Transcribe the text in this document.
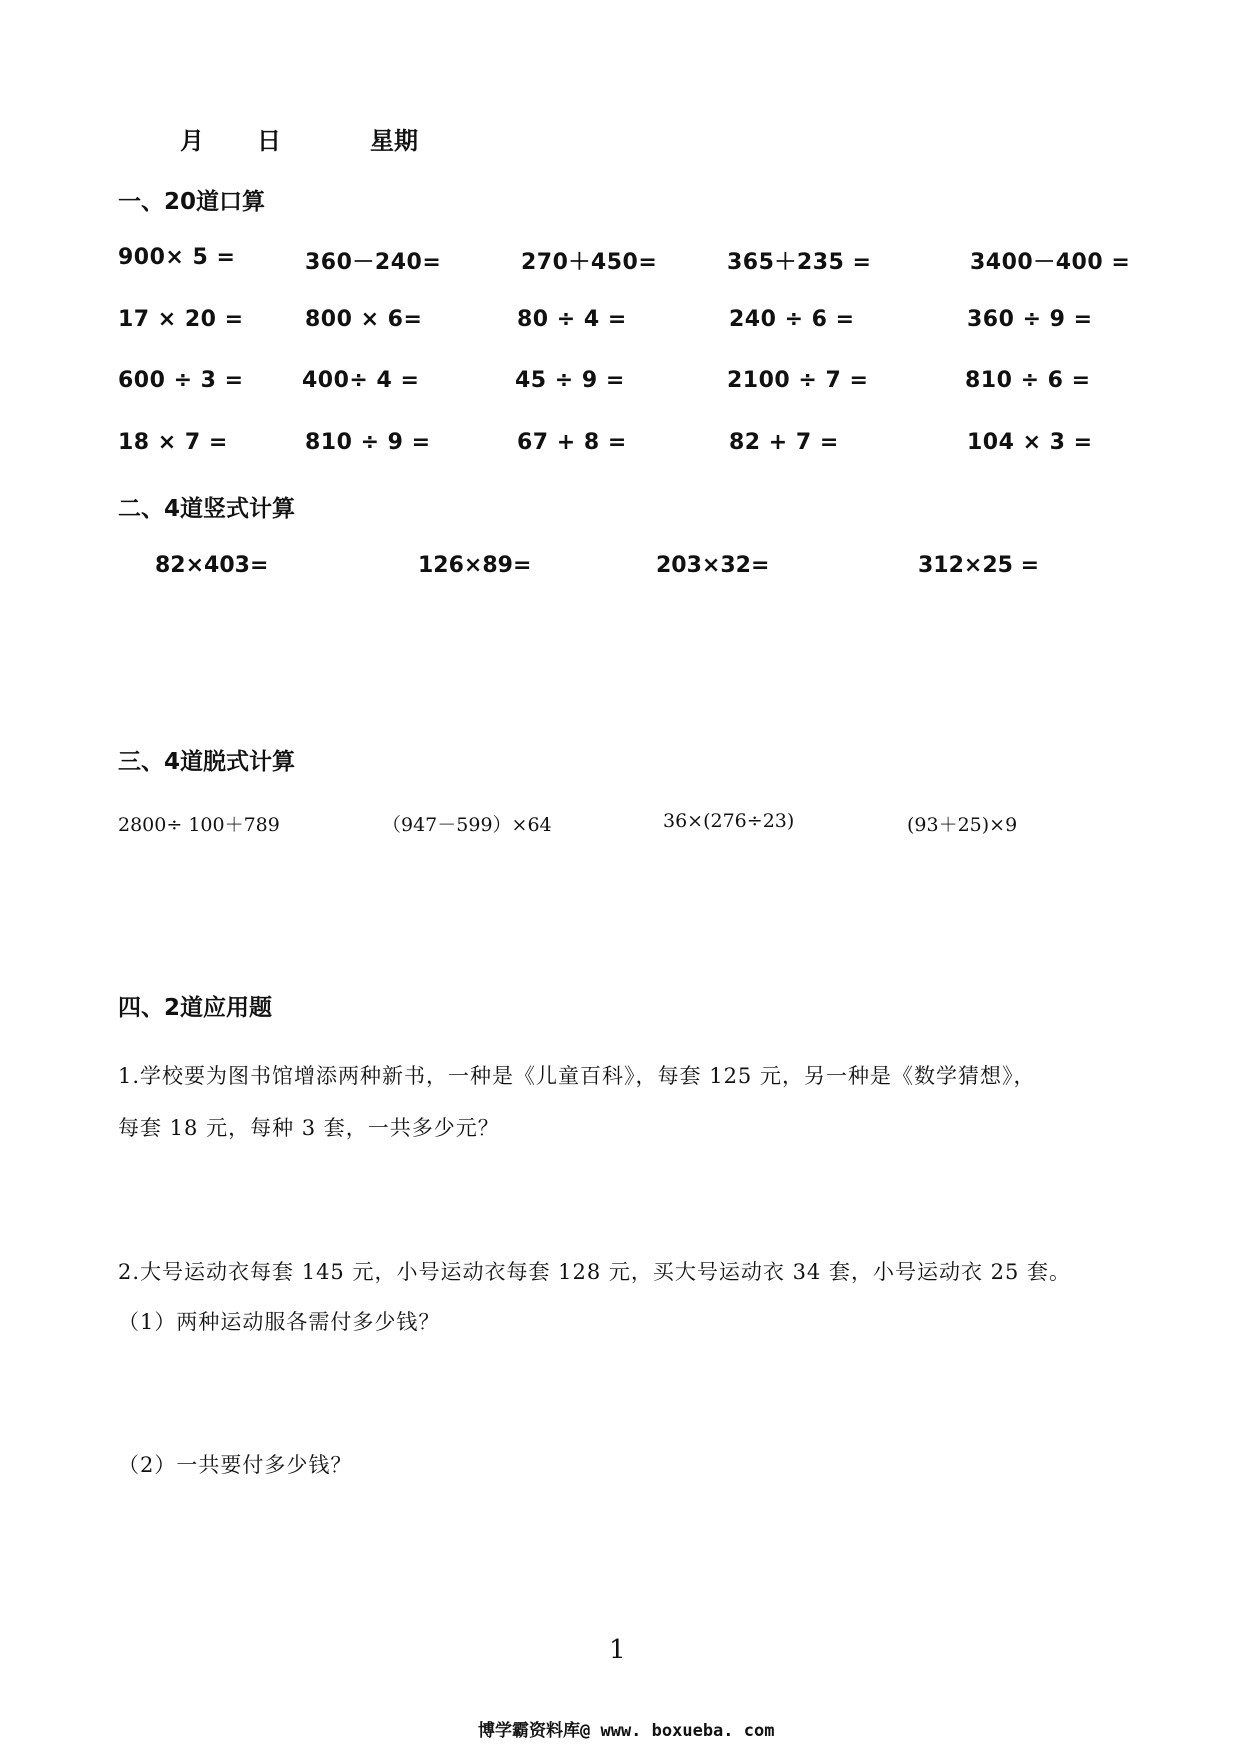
月 日	星期
一、20道口算
900× 5 =	360－240=	270＋450=	365＋235 =	3400－400 =
17 × 20 =	800 × 6=	80 ÷ 4 =	240 ÷ 6 =	360 ÷ 9 =
600 ÷ 3 =	400÷ 4 =	45 ÷ 9 =	2100 ÷ 7 =	810 ÷ 6 =
18 × 7 =	810 ÷ 9 =	67 + 8 =	82 + 7 =	104 × 3 =
二、4道竖式计算
82×403=	126×89=	203×32=	312×25 =
三、4道脱式计算
2800÷ 100＋789	（947－599）×64	36×(276÷23)	(93＋25)×9
四、2道应用题
1.学校要为图书馆增添两种新书，一种是《儿童百科》，每套 125 元，另一种是《数学猜想》，
每套 18 元，每种 3 套，一共多少元？
2.大号运动衣每套 145 元，小号运动衣每套 128 元，买大号运动衣 34 套，小号运动衣 25 套。
（1）两种运动服各需付多少钱？
（2）一共要付多少钱？
1
博学霸资料库@ www. boxueba. com
